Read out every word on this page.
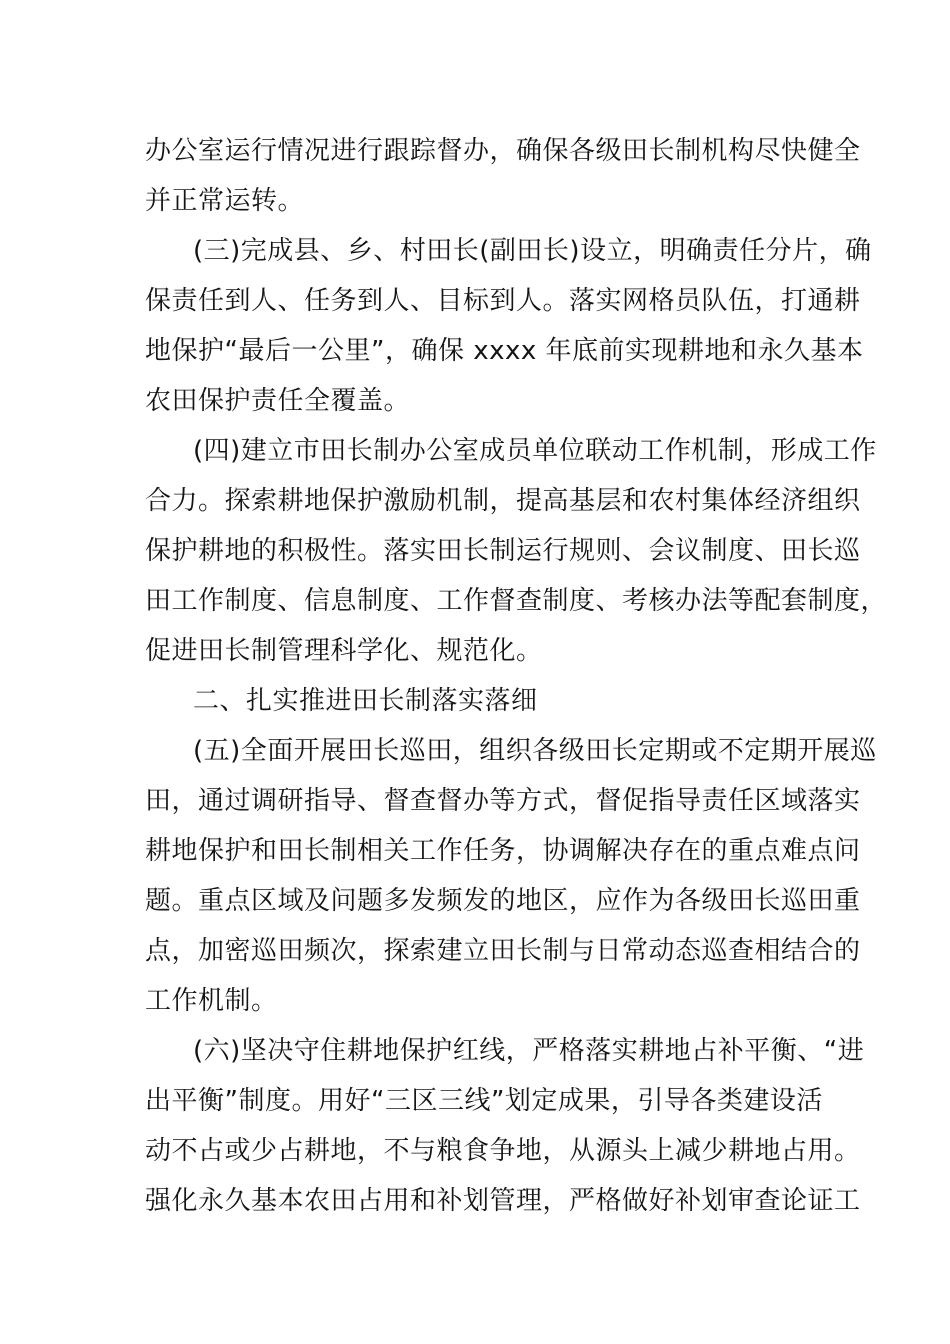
办公室运行情况进行跟踪督办，确保各级田长制机构尽快健全
并正常运转。
(三)完成县、乡、村田长(副田长)设立，明确责任分片，确
保责任到人、任务到人、目标到人。落实网格员队伍，打通耕
地保护“最后一公里”，确保 xxxx 年底前实现耕地和永久基本
农田保护责任全覆盖。
(四)建立市田长制办公室成员单位联动工作机制，形成工作
合力。探索耕地保护激励机制，提高基层和农村集体经济组织
保护耕地的积极性。落实田长制运行规则、会议制度、田长巡
田工作制度、信息制度、工作督查制度、考核办法等配套制度，
促进田长制管理科学化、规范化。
二、扎实推进田长制落实落细
(五)全面开展田长巡田，组织各级田长定期或不定期开展巡
田，通过调研指导、督查督办等方式，督促指导责任区域落实
耕地保护和田长制相关工作任务，协调解决存在的重点难点问
题。重点区域及问题多发频发的地区，应作为各级田长巡田重
点，加密巡田频次，探索建立田长制与日常动态巡查相结合的
工作机制。
(六)坚决守住耕地保护红线，严格落实耕地占补平衡、“进
出平衡”制度。用好“三区三线”划定成果，引导各类建设活
动不占或少占耕地，不与粮食争地，从源头上减少耕地占用。
强化永久基本农田占用和补划管理，严格做好补划审查论证工
